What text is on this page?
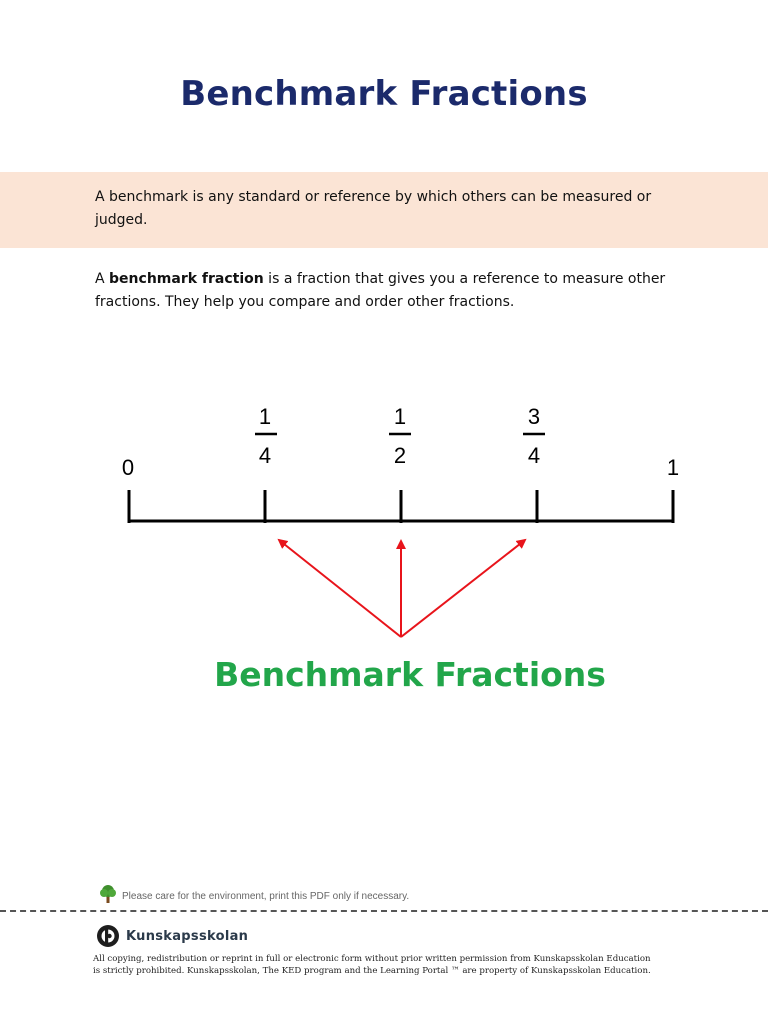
Benchmark Fractions
A benchmark is any standard or reference by which others can be measured or judged.
A benchmark fraction is a fraction that gives you a reference to measure other fractions. They help you compare and order other fractions.
0	1
1
4
1
2
3
4
Benchmark Fractions
Please care for the environment, print this PDF only if necessary.
Kunskapsskolan
All copying, redistribution or reprint in full or electronic form without prior written permission from Kunskapsskolan Education is strictly prohibited. Kunskapsskolan, The KED program and the Learning Portal ™ are property of Kunskapsskolan Education.
